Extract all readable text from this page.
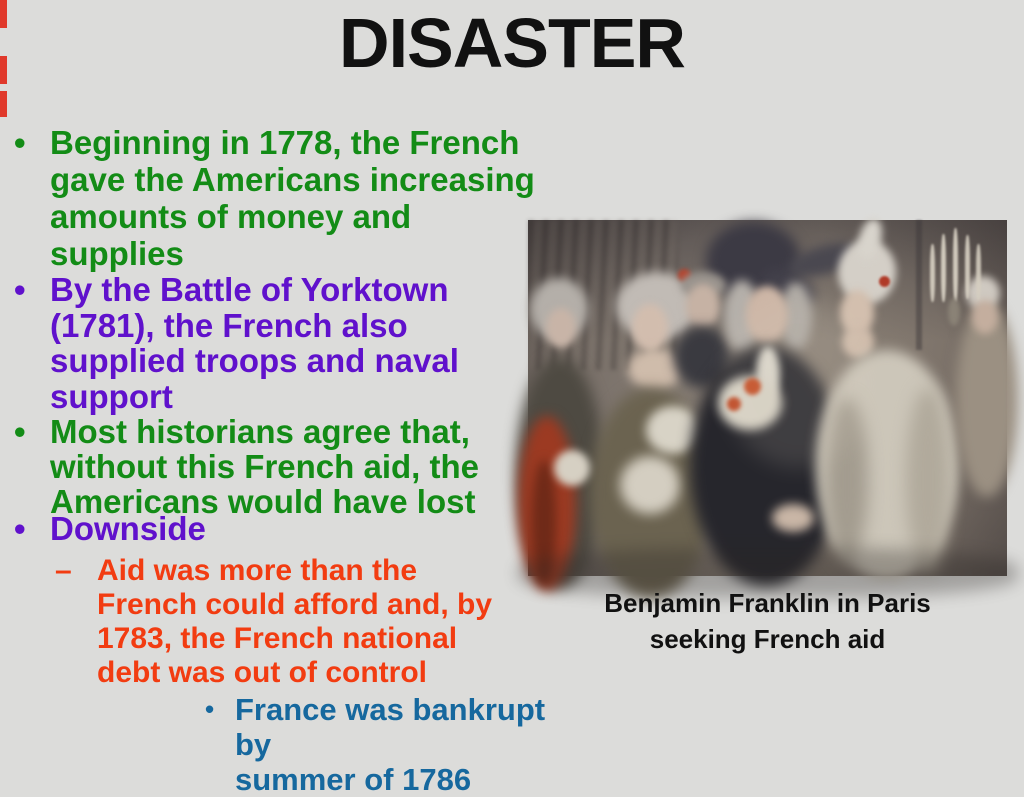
DISASTER
• Beginning in 1778, the French
gave the Americans increasing
amounts of money and
supplies
• By the Battle of Yorktown
(1781), the French also
supplied troops and naval
support
• Most historians agree that,
without this French aid, the
Americans would have lost
• Downside
– Aid was more than the
French could afford and, by
1783, the French national
debt was out of control
• France was bankrupt by
summer of 1786
Benjamin Franklin in Paris
seeking French aid
